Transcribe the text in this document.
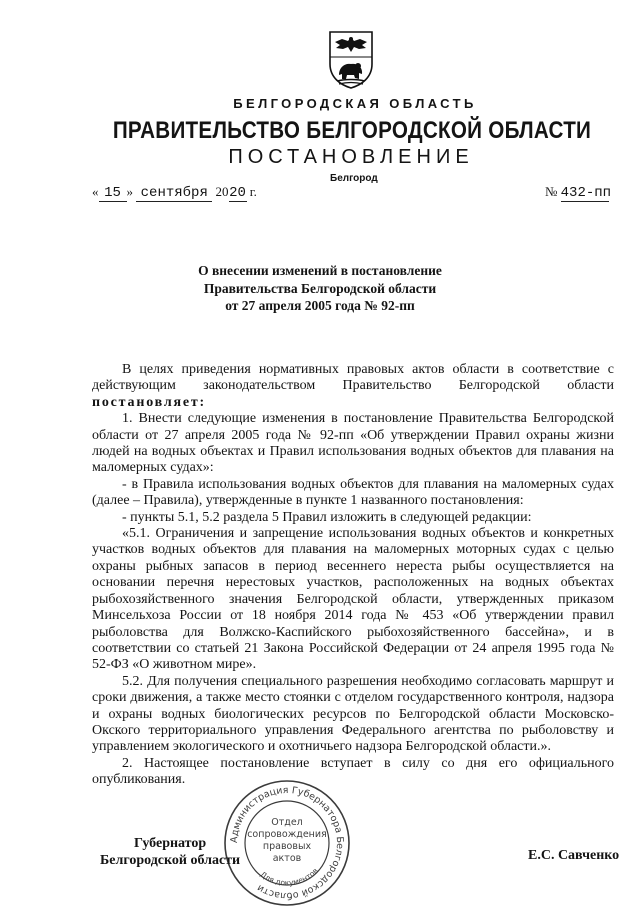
БЕЛГОРОДСКАЯ ОБЛАСТЬ
ПРАВИТЕЛЬСТВО БЕЛГОРОДСКОЙ ОБЛАСТИ
ПОСТАНОВЛЕНИЕ
Белгород
« 15 » сентября 2020 г.	№ 432-пп
О внесении изменений в постановление
Правительства Белгородской области
от 27 апреля 2005 года № 92-пп

В целях приведения нормативных правовых актов области в соответствие с действующим законодательством Правительство Белгородской области постановляет:

1. Внести следующие изменения в постановление Правительства Белгородской области от 27 апреля 2005 года № 92-пп «Об утверждении Правил охраны жизни людей на водных объектах и Правил использования водных объектов для плавания на маломерных судах»:

- в Правила использования водных объектов для плавания на маломерных судах (далее – Правила), утвержденные в пункте 1 названного постановления:

- пункты 5.1, 5.2 раздела 5 Правил изложить в следующей редакции:

«5.1. Ограничения и запрещение использования водных объектов и конкретных участков водных объектов для плавания на маломерных моторных судах с целью охраны рыбных запасов в период весеннего нереста рыбы осуществляется на основании перечня нерестовых участков, расположенных на водных объектах рыбохозяйственного значения Белгородской области, утвержденных приказом Минсельхоза России от 18 ноября 2014 года № 453 «Об утверждении правил рыболовства для Волжско-Каспийского рыбохозяйственного бассейна», и в соответствии со статьей 21 Закона Российской Федерации от 24 апреля 1995 года № 52-ФЗ «О животном мире».

5.2. Для получения специального разрешения необходимо согласовать маршрут и сроки движения, а также место стоянки с отделом государственного контроля, надзора и охраны водных биологических ресурсов по Белгородской области Московско-Окского территориального управления Федерального агентства по рыболовству и управлением экологического и охотничьего надзора Белгородской области.».

2. Настоящее постановление вступает в силу со дня его официального опубликования.

Губернатор
Белгородской области	Е.С. Савченко
Администрация Губернатора Белгородской области
Отдел
сопровождения
правовых
актов
Для документов
